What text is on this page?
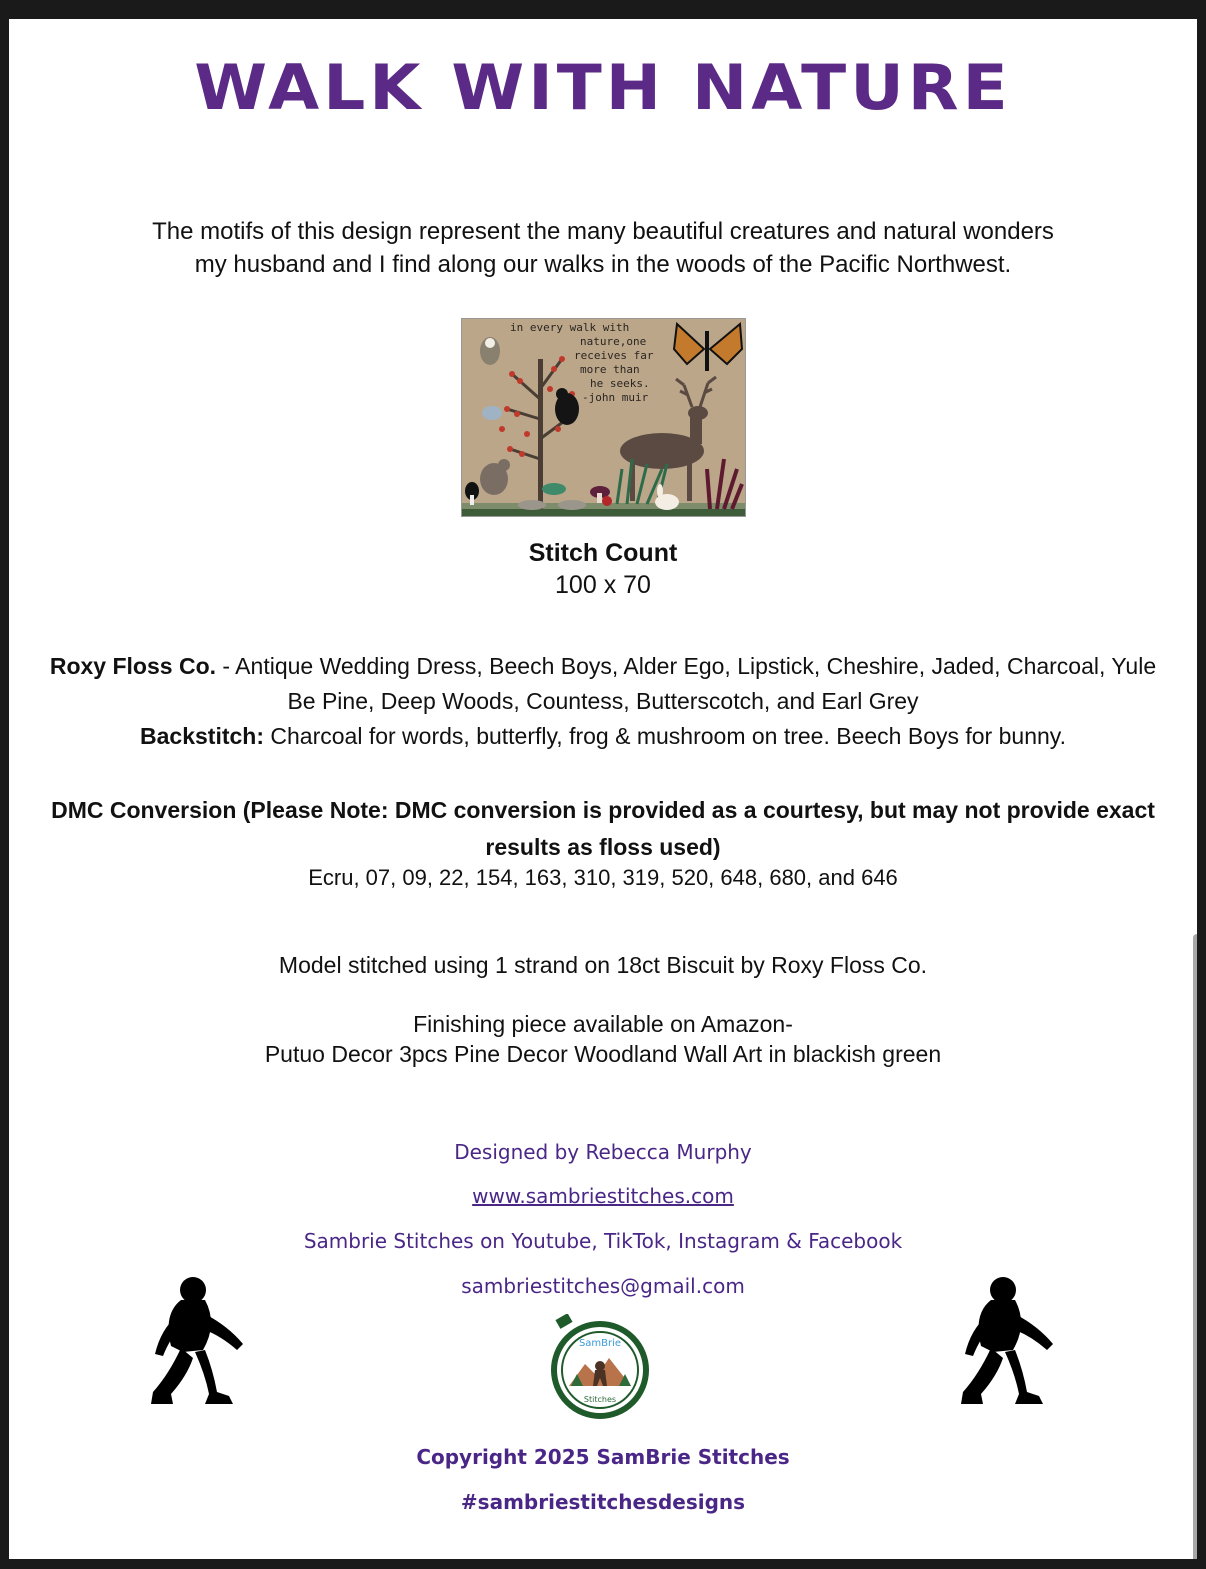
WALK WITH NATURE
The motifs of this design represent the many beautiful creatures and natural wonders
my husband and I find along our walks in the woods of the Pacific Northwest.
in every walk with
nature,one
receives far
more than
he seeks.
-john muir
Stitch Count
100 x 70
Roxy Floss Co. - Antique Wedding Dress, Beech Boys, Alder Ego, Lipstick, Cheshire, Jaded, Charcoal, Yule Be Pine, Deep Woods, Countess, Butterscotch, and Earl Grey
Backstitch: Charcoal for words, butterfly, frog & mushroom on tree. Beech Boys for bunny.
DMC Conversion (Please Note: DMC conversion is provided as a courtesy, but may not provide exact results as floss used)
Ecru, 07, 09, 22, 154, 163, 310, 319, 520, 648, 680, and 646
Model stitched using 1 strand on 18ct Biscuit by Roxy Floss Co.
Finishing piece available on Amazon-
Putuo Decor 3pcs Pine Decor Woodland Wall Art in blackish green
Designed by Rebecca Murphy
www.sambriestitches.com
Sambrie Stitches on Youtube, TikTok, Instagram & Facebook
sambriestitches@gmail.com
SamBrie
Stitches
Copyright 2025 SamBrie Stitches
#sambriestitchesdesigns
